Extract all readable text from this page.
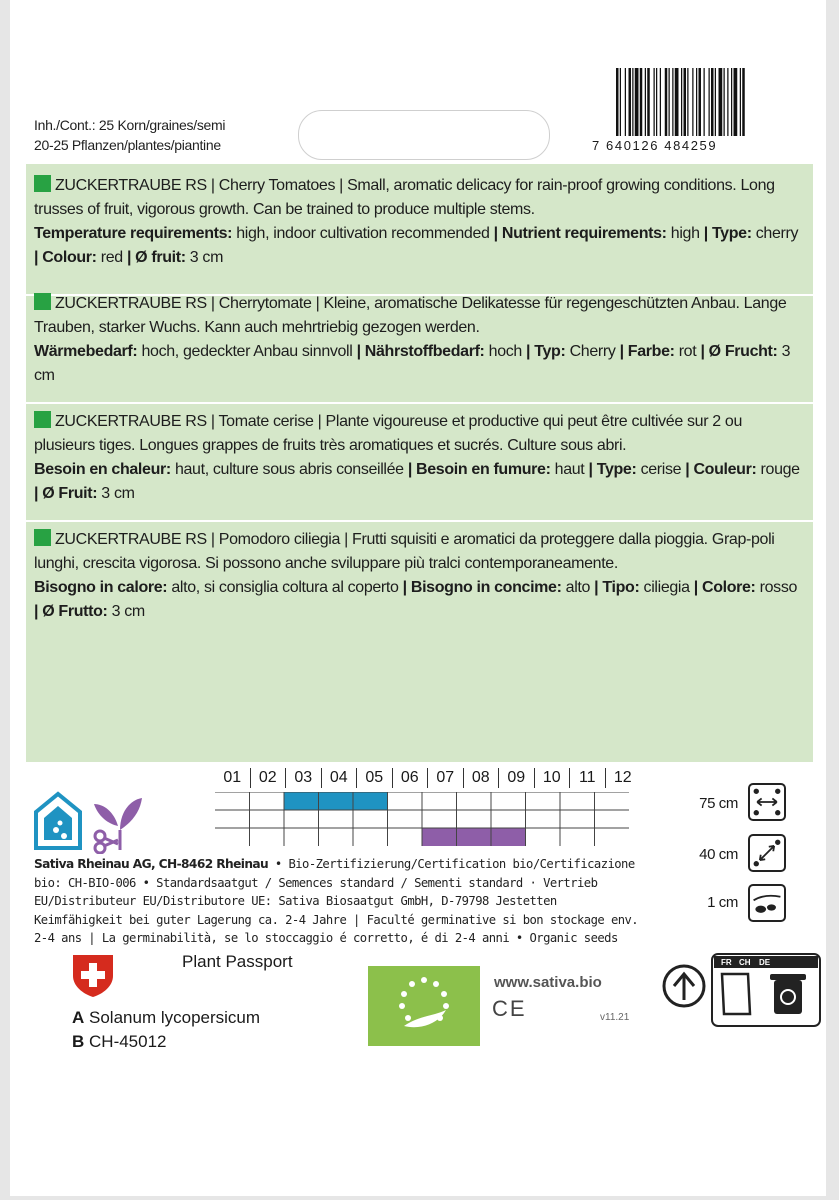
Inh./Cont.: 25 Korn/graines/semi
20-25 Pflanzen/plantes/piantine	7 640126 484259
ZUCKERTRAUBE RS | Cherry Tomatoes | Small, aromatic delicacy for rain-proof growing conditions. Long trusses of fruit, vigorous growth. Can be trained to produce multiple stems.
Temperature requirements: high, indoor cultivation recommended | Nutrient requirements: high | Type: cherry | Colour: red | Ø fruit: 3 cm
ZUCKERTRAUBE RS | Cherrytomate | Kleine, aromatische Delikatesse für regengeschützten Anbau. Lange Trauben, starker Wuchs. Kann auch mehrtriebig gezogen werden.
Wärmebedarf: hoch, gedeckter Anbau sinnvoll | Nährstoffbedarf: hoch | Typ: Cherry | Farbe: rot | Ø Frucht: 3 cm
ZUCKERTRAUBE RS | Tomate cerise | Plante vigoureuse et productive qui peut être cultivée sur 2 ou plusieurs tiges. Longues grappes de fruits très aromatiques et sucrés. Culture sous abri.
Besoin en chaleur: haut, culture sous abris conseillée | Besoin en fumure: haut | Type: cerise | Couleur: rouge | Ø Fruit: 3 cm
ZUCKERTRAUBE RS | Pomodoro ciliegia | Frutti squisiti e aromatici da proteggere dalla pioggia. Grap-poli lunghi, crescita vigorosa. Si possono anche sviluppare più tralci contemporaneamente.
Bisogno in calore: alto, si consiglia coltura al coperto | Bisogno in concime: alto | Tipo: ciliegia | Colore: rosso | Ø Frutto: 3 cm
01	02	03	04	05	06	07	08	09	10	11	12
75 cm
40 cm
1 cm
Sativa Rheinau AG, CH-8462 Rheinau • Bio-Zertifizierung/Certification bio/Certificazione bio: CH-BIO-006 • Standardsaatgut / Semences standard / Sementi standard · Vertrieb EU/Distributeur EU/Distributore UE: Sativa Biosaatgut GmbH, D-79798 Jestetten Keimfähigkeit bei guter Lagerung ca. 2-4 Jahre | Faculté germinative si bon stockage env. 2-4 ans | La germinabilità, se lo stoccaggio é corretto, é di 2-4 anni • Organic seeds
Plant Passport
A Solanum lycopersicum
B CH-45012
www.sativa.bio
CE	v11.21
FR CH DE
